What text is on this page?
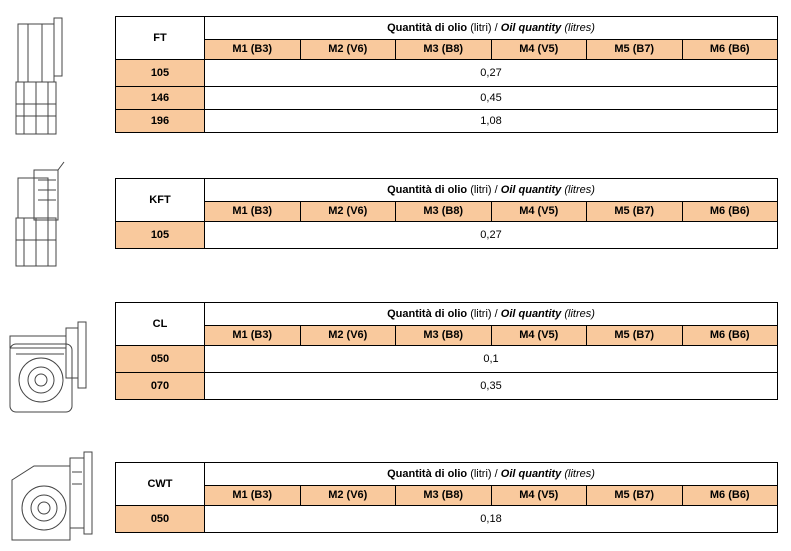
FT	Quantità di olio (litri) / Oil quantity (litres)					
	M1 (B3)	M2 (V6)	M3 (B8)	M4 (V5)	M5 (B7)	M6 (B6)
105	0,27					
146	0,45					
196	1,08					
KFT	Quantità di olio (litri) / Oil quantity (litres)					
	M1 (B3)	M2 (V6)	M3 (B8)	M4 (V5)	M5 (B7)	M6 (B6)
105	0,27					
CL	Quantità di olio (litri) / Oil quantity (litres)					
	M1 (B3)	M2 (V6)	M3 (B8)	M4 (V5)	M5 (B7)	M6 (B6)
050	0,1					
070	0,35					
CWT	Quantità di olio (litri) / Oil quantity (litres)					
	M1 (B3)	M2 (V6)	M3 (B8)	M4 (V5)	M5 (B7)	M6 (B6)
050	0,18					
